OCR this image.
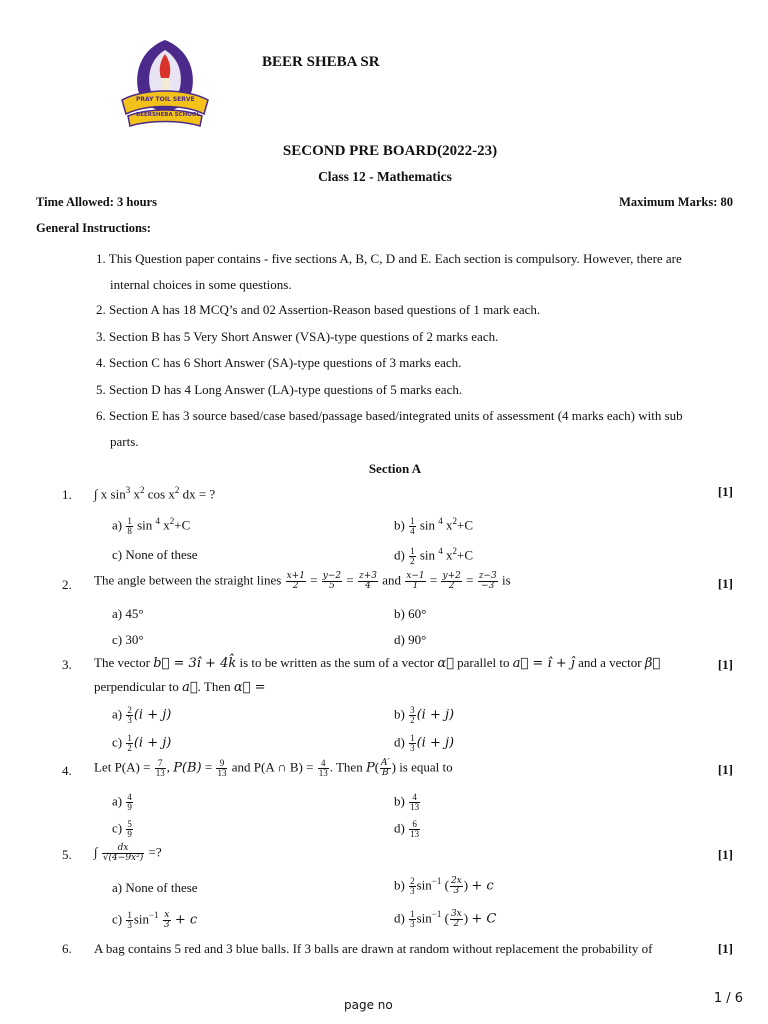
PRAY TOIL SERVE
BEERSHEBA SCHOOL
BEER SHEBA SR
SECOND PRE BOARD(2022-23)
Class 12 - Mathematics
Time Allowed: 3 hours	Maximum Marks: 80
General Instructions:
1. This Question paper contains - five sections A, B, C, D and E. Each section is compulsory. However, there are
internal choices in some questions.
2. Section A has 18 MCQ’s and 02 Assertion-Reason based questions of 1 mark each.
3. Section B has 5 Very Short Answer (VSA)-type questions of 2 marks each.
4. Section C has 6 Short Answer (SA)-type questions of 3 marks each.
5. Section D has 4 Long Answer (LA)-type questions of 5 marks each.
6. Section E has 3 source based/case based/passage based/integrated units of assessment (4 marks each) with sub
parts.
Section A
1. ∫ x $\sin^3 x^2$ $\cos x^2$ dx = ?	[1]
$a) \frac{1}{8}$ sin $^4$ $x^2+C$	$b) \frac{1}{4}$ sin $^4$ $x^2+C$
c) None of these	$d) \frac{1}{2}$ sin $^4$ $x^2+C$
2. The angle between the straight lines $\frac{x+1}{2} = \frac{y-2}{5} = \frac{z+3}{4}$ and $\frac{x-1}{1} = \frac{y+2}{2} = \frac{z-3}{-3}$ is	[1]
a) 45°	b) 60°
c) 30°	d) 90°
3. The vector b⃗ = 3î + 4k̂ is to be written as the sum of a vector α⃗ parallel to a⃗ = î + ĵ and a vector β⃗
perpendicular to a⃗. Then α⃗ =
[1]
$a) \frac{2}{3} (i + j)$	$b) \frac{3}{2} (i + j)$
$c) \frac{1}{2} (i + j)$	$d) \frac{1}{3} (i + j)$
4. Let $P(A) = \frac{7}{13}$ , $P(B) = \frac{9}{13}$ and P(A ∩ $B) = \frac{4}{13}$ . Then $P( \frac{A'}{B}$ ) is equal to	[1]
$a) \frac{4}{9}$	$b) \frac{4}{13}$
$c) \frac{5}{9}$	$d) \frac{6}{13}$
5. ∫ $\frac{dx}{\text{√(4−9x²)}}$ =?	[1]
a) None of these	$b) \frac{2}{3} \sin^{-1}$ ( $\frac{2x}{3}$ ) + c
$c) \frac{1}{3} \sin^{-1} \frac{x}{3} + c$	$d) \frac{1}{3} \sin^{-1}$ ( $\frac{3x}{2}$ ) + C
6. A bag contains 5 red and 3 blue balls. If 3 balls are drawn at random without replacement the probability of	[1]
page no	1 / 6
